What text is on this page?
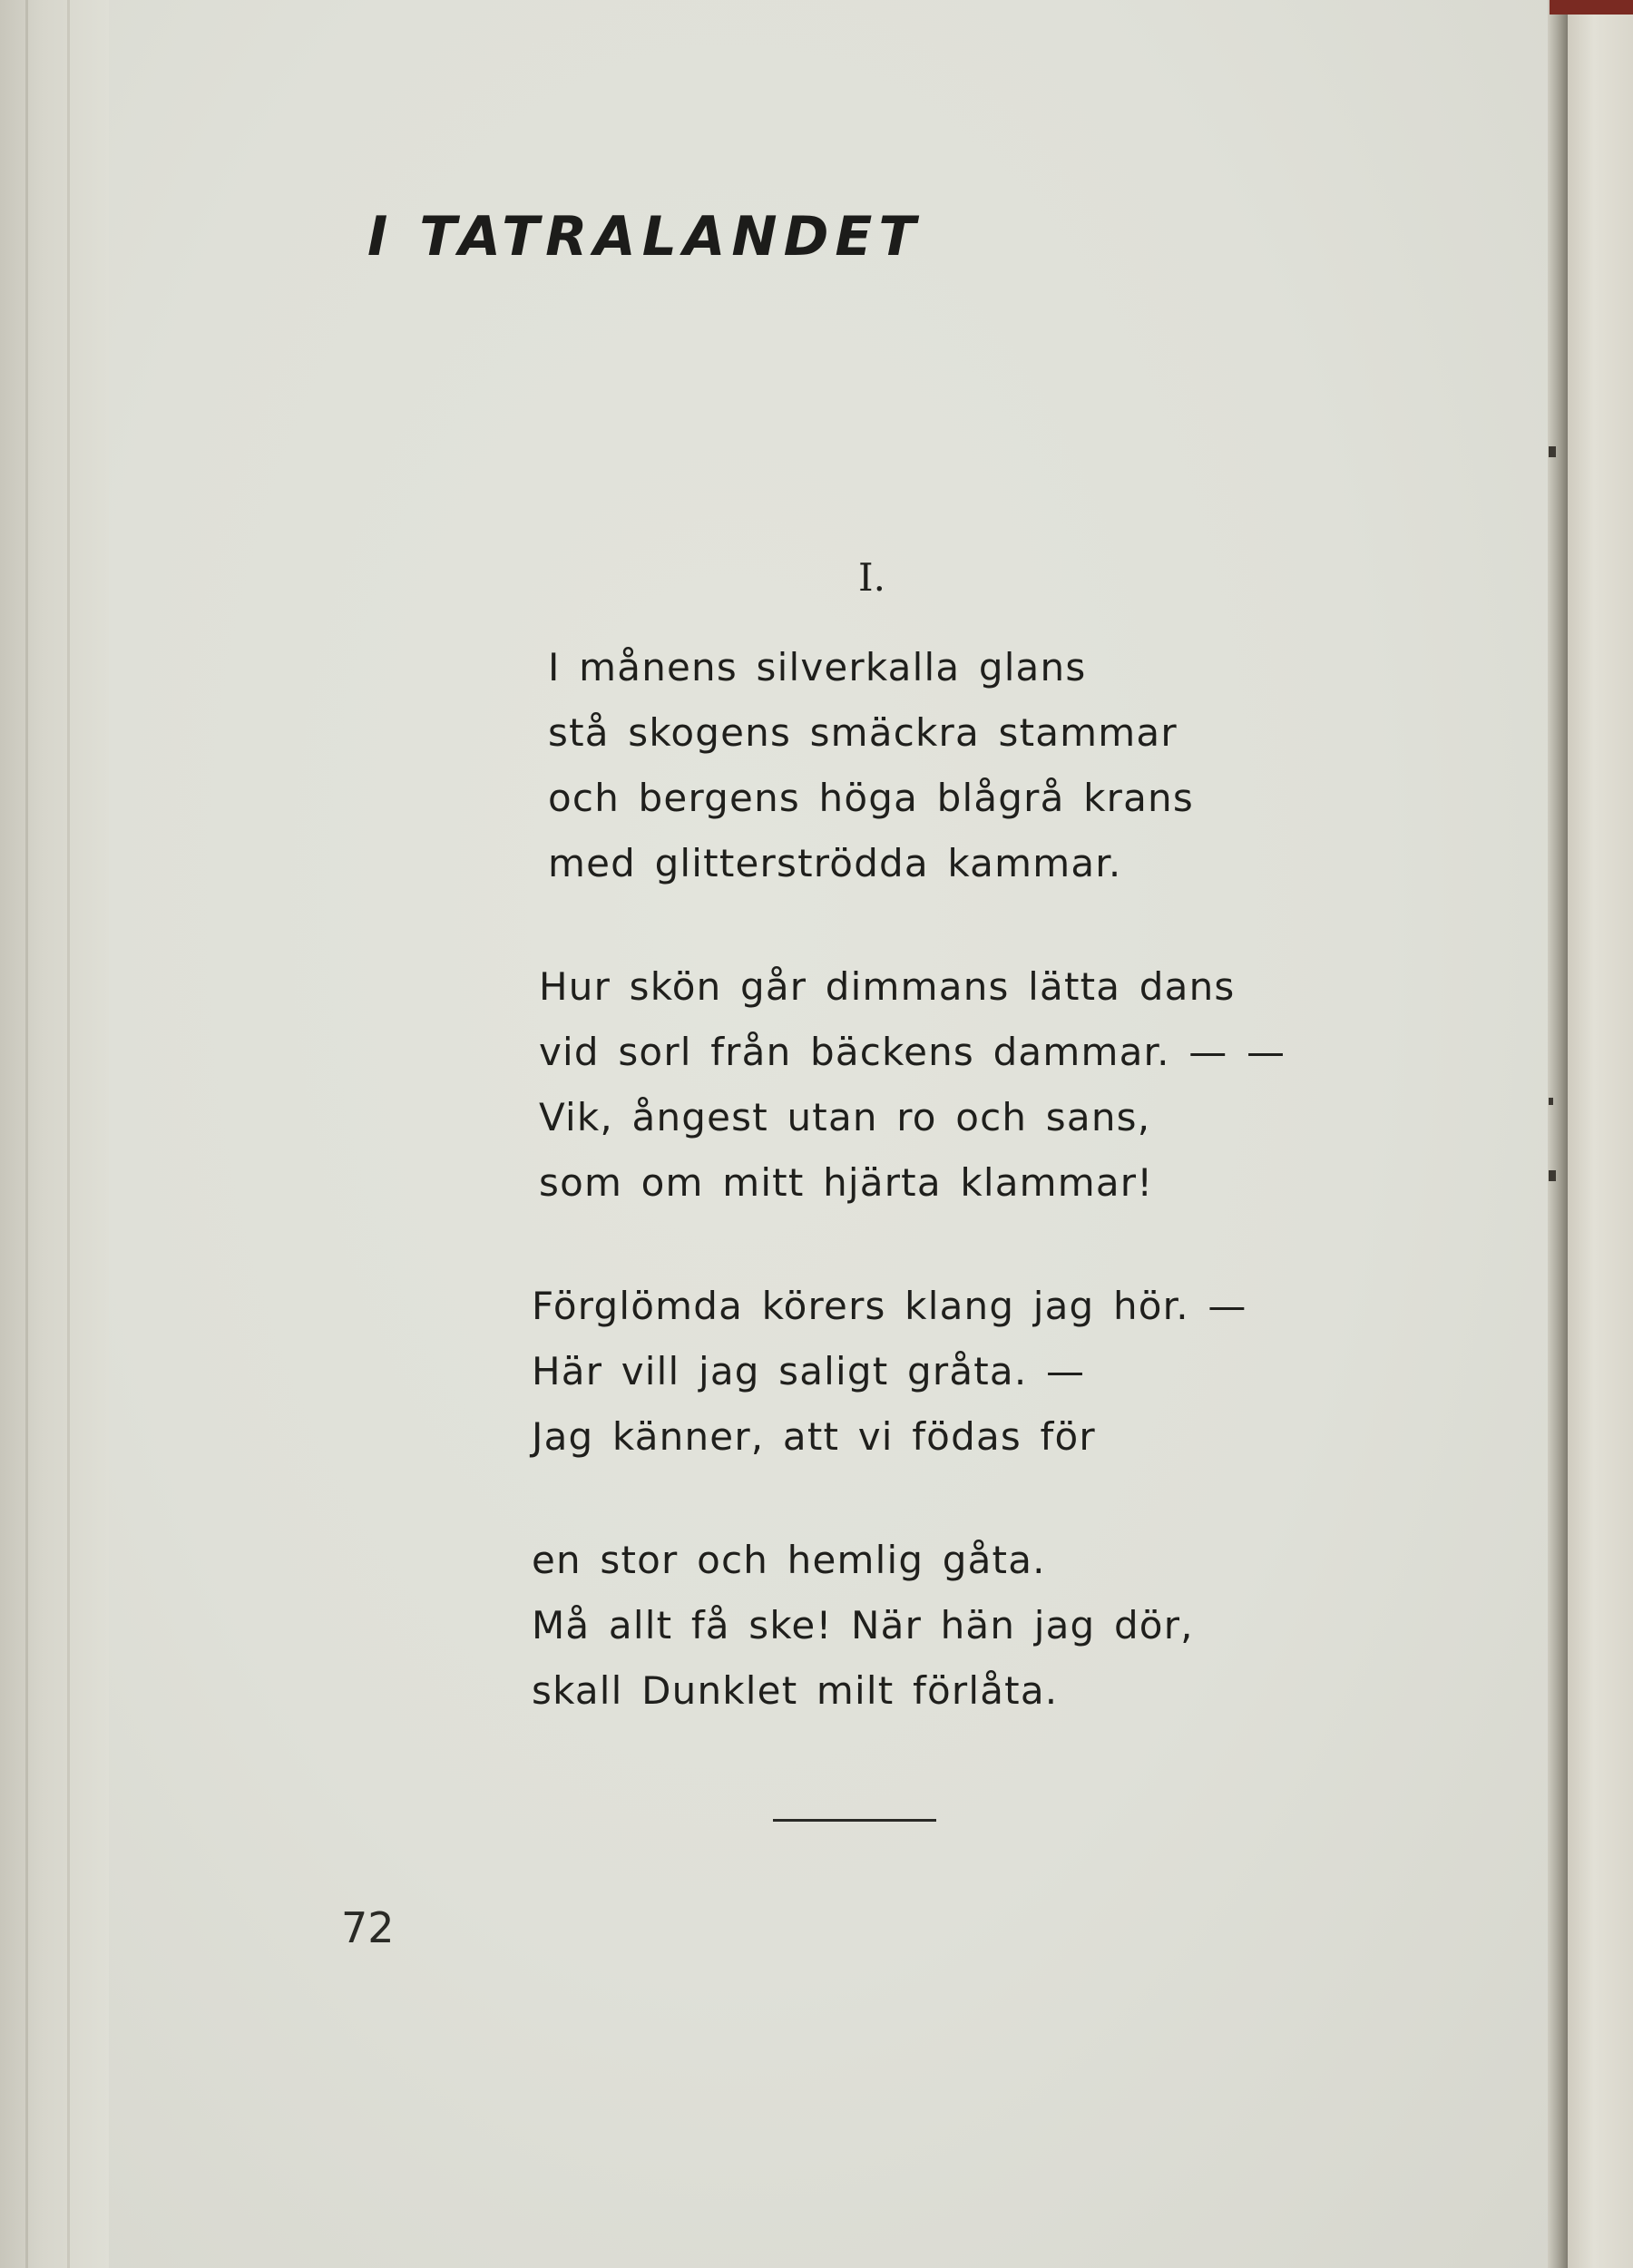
I TATRALANDET
I.
I månens silverkalla glans
stå skogens smäckra stammar
och bergens höga blågrå krans
med glitterströdda kammar.
Hur skön går dimmans lätta dans
vid sorl från bäckens dammar. — —
Vik, ångest utan ro och sans,
som om mitt hjärta klammar!
Förglömda körers klang jag hör. —
Här vill jag saligt gråta. —
Jag känner, att vi födas för
en stor och hemlig gåta.
Må allt få ske! När hän jag dör,
skall Dunklet milt förlåta.
72
